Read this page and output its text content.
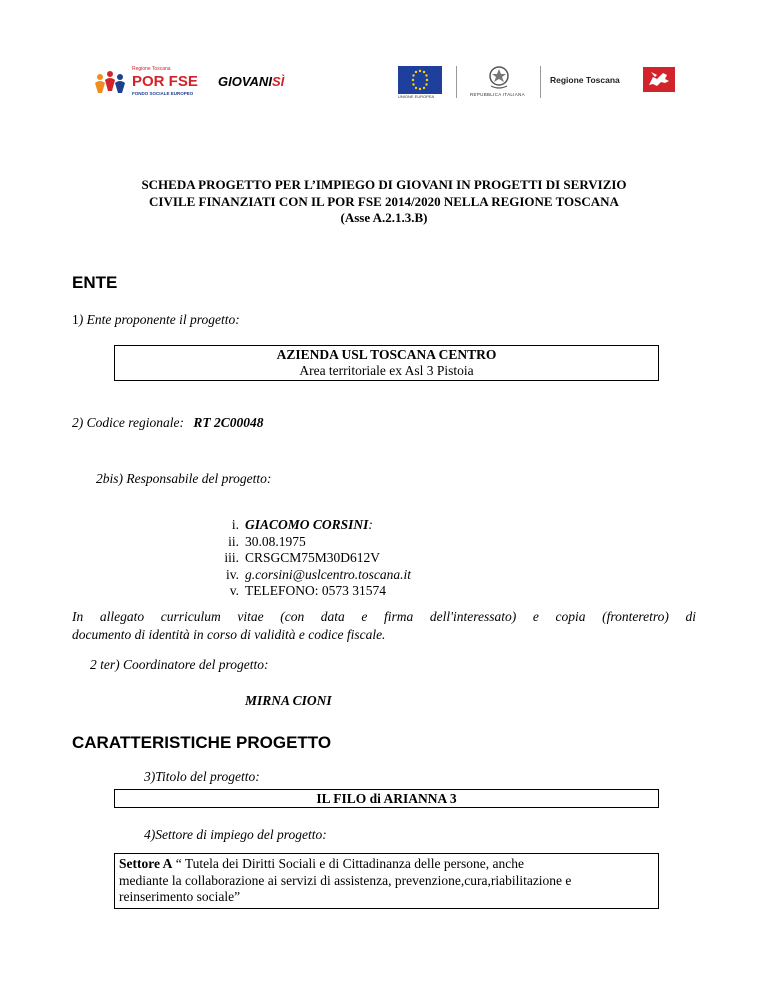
Regione Toscana
POR FSE
FONDO SOCIALE EUROPEO
GIOVANISÌ
UNIONE EUROPEA	REPUBBLICA ITALIANA
Regione Toscana
SCHEDA PROGETTO PER L’IMPIEGO DI GIOVANI IN PROGETTI DI SERVIZIO
CIVILE FINANZIATI CON IL POR FSE 2014/2020 NELLA REGIONE TOSCANA
(Asse A.2.1.3.B)
ENTE
1) Ente proponente il progetto:
AZIENDA USL TOSCANA CENTRO
Area territoriale ex Asl 3 Pistoia
2) Codice regionale: RT 2C00048
2bis) Responsabile del progetto:
i. GIACOMO CORSINI:
ii. 30.08.1975
iii. CRSGCM75M30D612V
iv. g.corsini@uslcentro.toscana.it
v. TELEFONO: 0573 31574
In allegato curriculum vitae (con data e firma dell'interessato) e copia (fronteretro) di
documento di identità in corso di validità e codice fiscale.
2 ter) Coordinatore del progetto:
MIRNA CIONI
CARATTERISTICHE PROGETTO
3)Titolo del progetto:
IL FILO di ARIANNA 3
4)Settore di impiego del progetto:
Settore A “ Tutela dei Diritti Sociali e di Cittadinanza delle persone, anche
mediante la collaborazione ai servizi di assistenza, prevenzione,cura,riabilitazione e
reinserimento sociale”
